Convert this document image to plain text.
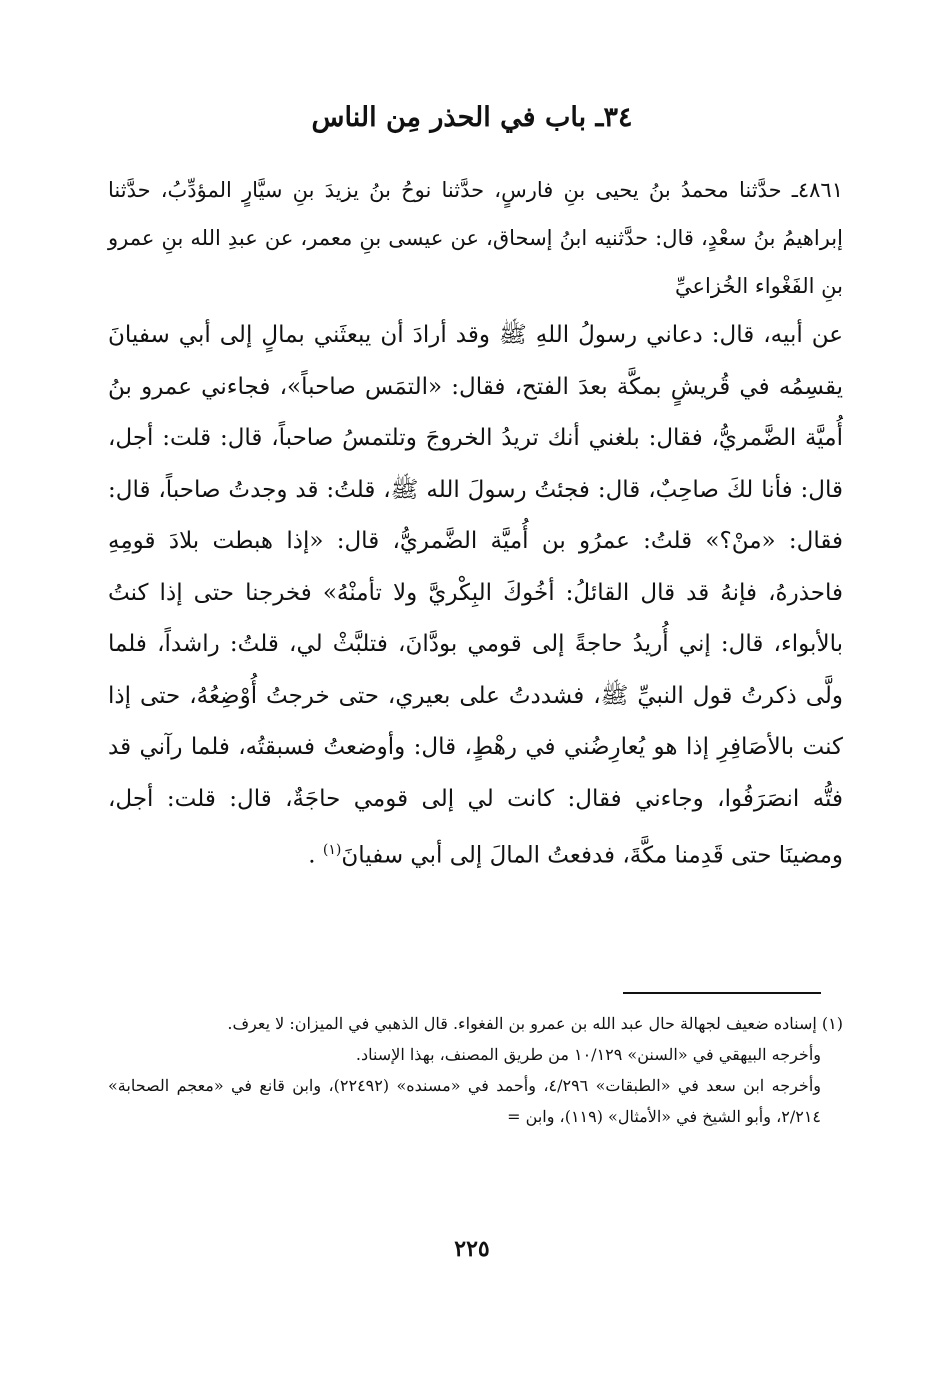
٣٤ـ باب في الحذر مِن الناس

٤٨٦١ـ حدَّثنا محمدُ بنُ يحيى بنِ فارسٍ، حدَّثنا نوحُ بنُ يزيدَ بنِ سيَّارٍ المؤدِّبُ، حدَّثنا إبراهيمُ بنُ سعْدٍ، قال: حدَّثنيه ابنُ إسحاق، عن عيسى بنِ معمر، عن عبدِ الله بنِ عمرو بنِ الفَغْواء الخُزاعيِّ

عن أبيه، قال: دعاني رسولُ اللهِ ﷺ وقد أرادَ أن يبعثَني بمالٍ إلى أبي سفيانَ يقسِمُه في قُريشٍ بمكَّة بعدَ الفتح، فقال: «التمَس صاحباً»، فجاءني عمرو بنُ أُميَّة الضَّمريُّ، فقال: بلغني أنك تريدُ الخروجَ وتلتمسُ صاحباً، قال: قلت: أجل، قال: فأنا لكَ صاحِبٌ، قال: فجئتُ رسولَ الله ﷺ، قلتُ: قد وجدتُ صاحباً، قال: فقال: «منْ؟» قلتُ: عمرُو بن أُميَّة الضَّمريُّ، قال: «إذا هبطت بلادَ قومِهِ فاحذرهُ، فإنهُ قد قال القائلُ: أخُوكَ البِكْريَّ ولا تأمنْهُ» فخرجنا حتى إذا كنتُ بالأبواء، قال: إني أُريدُ حاجةً إلى قومي بودَّانَ، فتلبَّثْ لي، قلتُ: راشداً، فلما ولَّى ذكرتُ قول النبيِّ ﷺ، فشددتُ على بعيري، حتى خرجتُ أُوْضِعُهُ، حتى إذا كنت بالأصَافِرِ إذا هو يُعارِضُني في رهْطٍ، قال: وأوضعتُ فسبقتُه، فلما رآني قد فتُّه انصَرَفُوا، وجاءني فقال: كانت لي إلى قومي حاجَةٌ، قال: قلت: أجل، ومضينَا حتى قَدِمنا مكَّةَ، فدفعتُ المالَ إلى أبي سفيانَ$^{(١)}$ .

(١) إسناده ضعيف لجهالة حال عبد الله بن عمرو بن الفغواء. قال الذهبي في الميزان: لا يعرف.

وأخرجه البيهقي في «السنن» ١٠/١٢٩ من طريق المصنف، بهذا الإسناد.

وأخرجه ابن سعد في «الطبقات» ٤/٢٩٦، وأحمد في «مسنده» (٢٢٤٩٢)، وابن قانع في «معجم الصحابة» ٢/٢١٤، وأبو الشيخ في «الأمثال» (١١٩)، وابن =

٢٢٥
